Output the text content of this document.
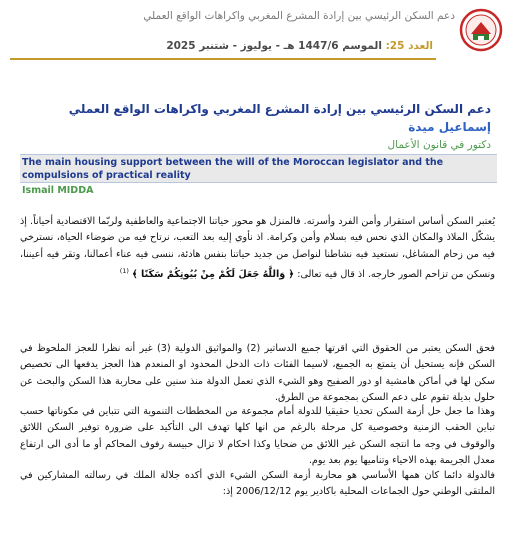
دعم السكن الرئيسي بين إرادة المشرع المغربي واكراهات الواقع العملي
العدد 25: الموسم 1447/6 هـ - يوليوز - شتنبر 2025
دعم السكن الرئيسي بين إرادة المشرع المغربي واكراهات الواقع العملي
إسماعيل ميدة
دكتور في قانون الأعمال
The main housing support between the will of the Moroccan legislator and the compulsions of practical reality
Ismail MIDDA
يُعتبر السكن أساس استقرار وأمن الفرد وأسرته. فالمنزل هو محور حياتنا الاجتماعية والعاطفية ولربّما الاقتصادية أحياناً. إذ يشكّل الملاذ والمكان الذي نحس فيه بسلام وأمن وكرامة. اذ نأوي إليه بعد التعب، نرتاح فيه من ضوضاء الحياة، نسترخي فيه من زحام المشاغل، نستعيد فيه نشاطنا لنواصل من جديد حياتنا بنفس هادئة، ننسى فيه عناء أعمالنا، وتقر فيه أعيننا، ونسكن من تزاحم الصور خارجه. اذ قال فيه تعالى: ﴿ وَاللَّهُ جَعَلَ لَكُمْ مِنْ بُيُوتِكُمْ سَكَنًا ﴾ $^{(1)}$
فحق السكن يعتبر من الحقوق التي اقرتها جميع الدساتير (2) والمواثيق الدولية (3) غير أنه نظرا للعجز الملحوظ في السكن فإنه يستحيل أن يتمتع به الجميع، لاسيما الفئات ذات الدخل المحدود او المنعدم هذا العجز يدفعها الى تخصيص سكن لها في أماكن هامشية او دور الصفيح وهو الشيء الذي تعمل الدولة منذ سنين على محاربة هذا السكن والبحث عن حلول بديلة تقوم على دعم السكن بمجموعة من الطرق.
وهذا ما جعل حل أزمة السكن تحديا حقيقيا للدولة أمام مجموعة من المخططات التنموية التي تتباين في مكوناتها حسب تباين الحقب الزمنية وخصوصية كل مرحلة بالرغم من انها كلها تهدف الى التأكيد على ضرورة توفير السكن اللائق والوقوف في وجه ما انتجه السكن غير اللائق من ضحايا وكذا احكام لا تزال حبيسة رفوف المحاكم أو ما أدى الى ارتفاع معدل الجريمة بهذه الاحياء وتناميها يوم بعد يوم.
فالدولة دائما كان همها الأساسي هو محاربة أزمة السكن الشيء الذي أكده جلالة الملك في رسالته المشاركين في الملتقى الوطني حول الجماعات المحلية باكادير يوم 2006/12/12 إذ:
